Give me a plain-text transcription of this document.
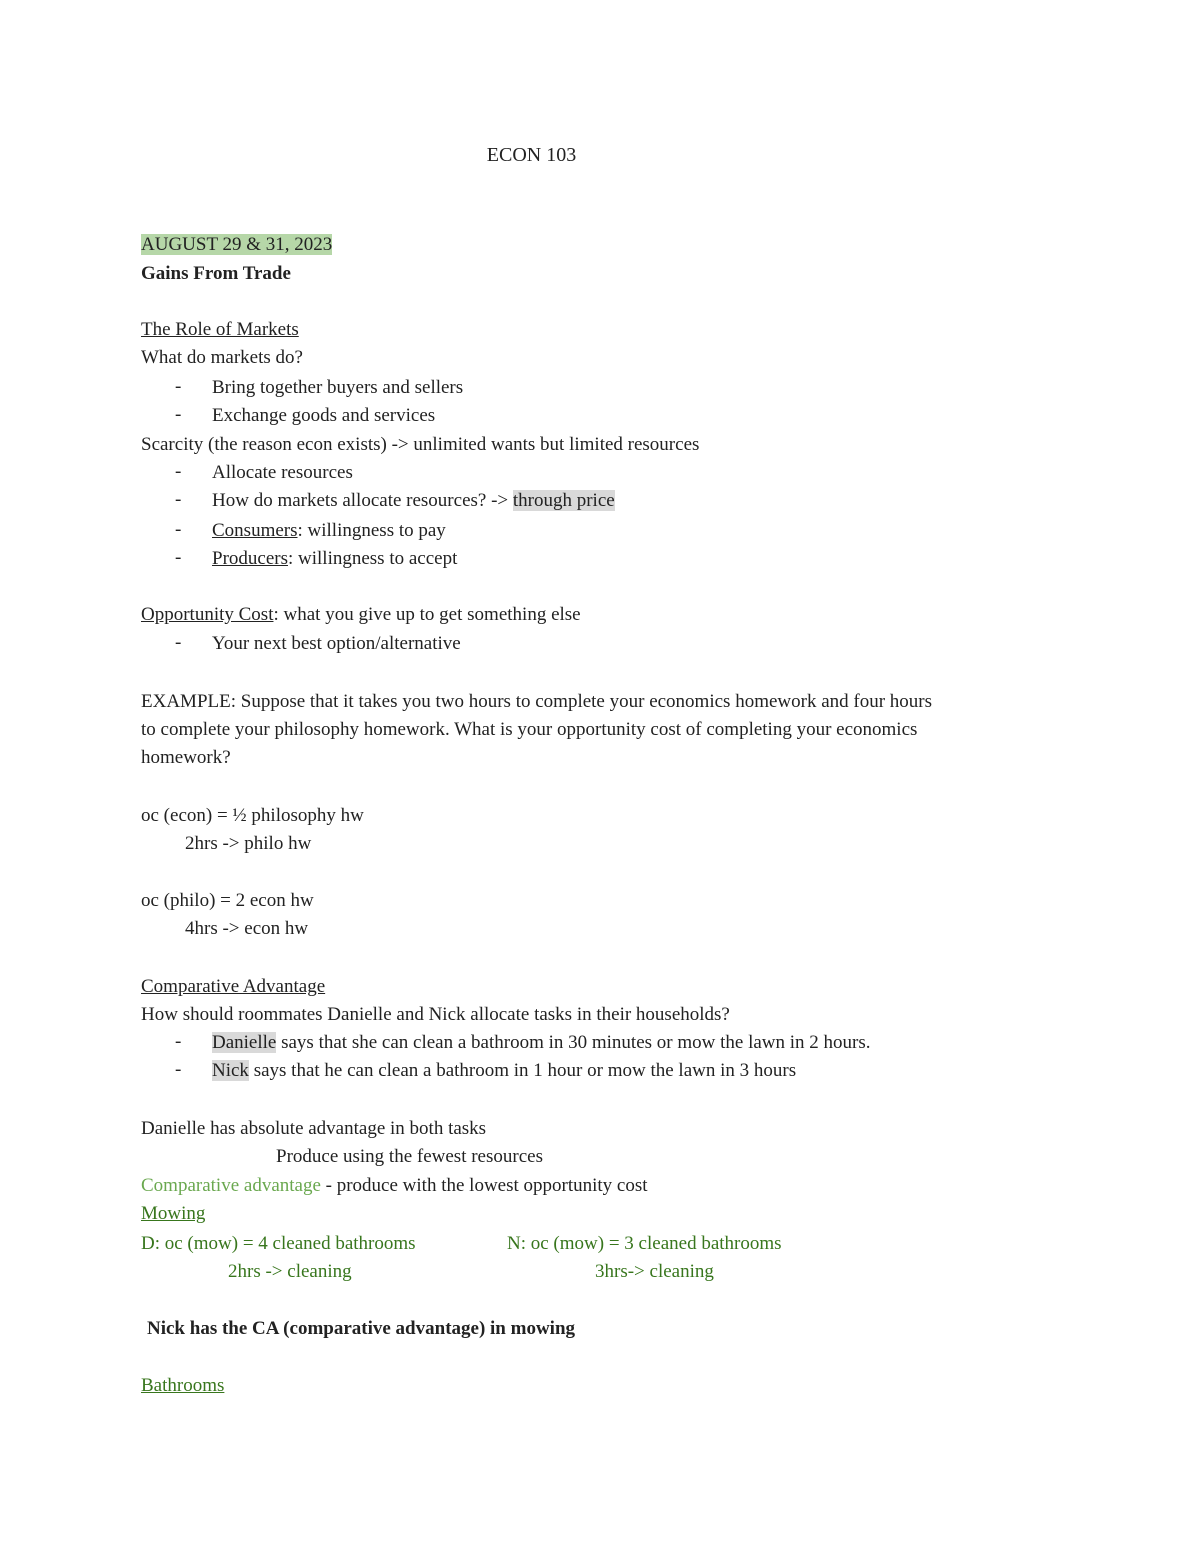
ECON 103
AUGUST 29 & 31, 2023
Gains From Trade
The Role of Markets
What do markets do?
- Bring together buyers and sellers
- Exchange goods and services
Scarcity (the reason econ exists) -> unlimited wants but limited resources
- Allocate resources
- How do markets allocate resources? -> through price
- Consumers: willingness to pay
- Producers: willingness to accept
Opportunity Cost: what you give up to get something else
- Your next best option/alternative
EXAMPLE: Suppose that it takes you two hours to complete your economics homework and four hours
to complete your philosophy homework. What is your opportunity cost of completing your economics
homework?
oc (econ) = ½ philosophy hw
2hrs -> philo hw
oc (philo) = 2 econ hw
4hrs -> econ hw
Comparative Advantage
How should roommates Danielle and Nick allocate tasks in their households?
- Danielle says that she can clean a bathroom in 30 minutes or mow the lawn in 2 hours.
- Nick says that he can clean a bathroom in 1 hour or mow the lawn in 3 hours
Danielle has absolute advantage in both tasks
Produce using the fewest resources
Comparative advantage - produce with the lowest opportunity cost
Mowing
D: oc (mow) = 4 cleaned bathrooms	N: oc (mow) = 3 cleaned bathrooms
2hrs -> cleaning	3hrs-> cleaning
Nick has the CA (comparative advantage) in mowing
Bathrooms
